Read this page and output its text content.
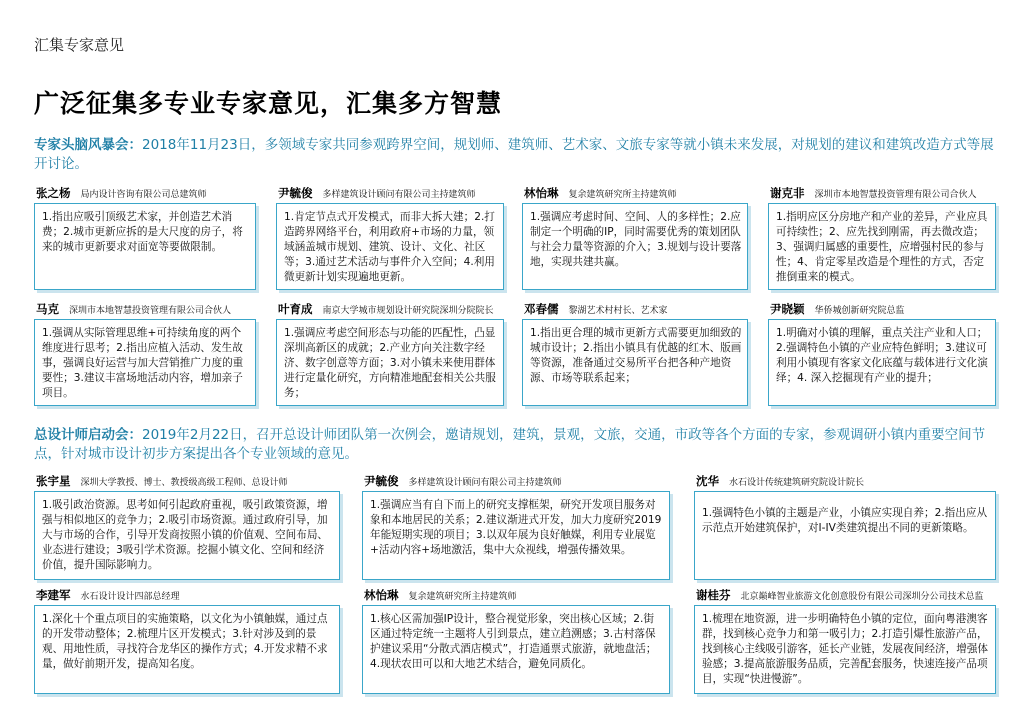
汇集专家意见
广泛征集多专业专家意见，汇集多方智慧
专家头脑风暴会：2018年11月23日，多领域专家共同参观跨界空间，规划师、建筑师、艺术家、文旅专家等就小镇未来发展，对规划的建议和建筑改造方式等展开讨论。
张之杨 局内设计咨询有限公司总建筑师
1.指出应吸引顶级艺术家，并创造艺术消费；2.城市更新应拆的是大尺度的房子，将来的城市更新要求对面宽等要做限制。
尹毓俊 多样建筑设计顾问有限公司主持建筑师
1.肯定节点式开发模式，而非大拆大建；2.打造跨界网络平台，利用政府+市场的力量，领域涵盖城市规划、建筑、设计、文化、社区等；3.通过艺术活动与事件介入空间；4.利用微更新计划实现遍地更新。
林怡琳 复余建筑研究所主持建筑师
1.强调应考虑时间、空间、人的多样性；2.应制定一个明确的IP，同时需要优秀的策划团队与社会力量等资源的介入；3.规划与设计要落地，实现共建共赢。
谢克非 深圳市本地智慧投资管理有限公司合伙人
1.指明应区分房地产和产业的差异，产业应具可持续性；2、应先找到刚需，再去微改造；3、强调归属感的重要性，应增强村民的参与性；4、肯定零星改造是个理性的方式，否定推倒重来的模式。
马克 深圳市本地智慧投资管理有限公司合伙人
1.强调从实际管理思维+可持续角度的两个维度进行思考；2.指出应植入活动、发生故事，强调良好运营与加大营销推广力度的重要性；3.建议丰富场地活动内容，增加亲子项目。
叶育成 南京大学城市规划设计研究院深圳分院院长
1.强调应考虑空间形态与功能的匹配性，凸显深圳高新区的成就；2.产业方向关注数字经济、数字创意等方面；3.对小镇未来使用群体进行定量化研究，方向精准地配套相关公共服务；
邓春儒 黎湖艺术村村长、艺术家
1.指出更合理的城市更新方式需要更加细致的城市设计；2.指出小镇具有优越的红木、版画等资源，准备通过交易所平台把各种产地资源、市场等联系起来；
尹晓颖 华侨城创新研究院总监
1.明确对小镇的理解，重点关注产业和人口；2.强调特色小镇的产业应特色鲜明；3.建议可利用小镇现有客家文化底蕴与载体进行文化演绎；4. 深入挖掘现有产业的提升；
总设计师启动会：2019年2月22日，召开总设计师团队第一次例会，邀请规划，建筑，景观，文旅，交通，市政等各个方面的专家，参观调研小镇内重要空间节点，针对城市设计初步方案提出各个专业领域的意见。
张宇星 深圳大学教授、博士、教授级高级工程师、总设计师
1.吸引政治资源。思考如何引起政府重视，吸引政策资源，增强与相似地区的竞争力；2.吸引市场资源。通过政府引导，加大与市场的合作，引导开发商按照小镇的价值观、空间布局、业态进行建设；3吸引学术资源。挖掘小镇文化、空间和经济价值，提升国际影响力。
尹毓俊 多样建筑设计顾问有限公司主持建筑师
1.强调应当有自下而上的研究支撑框架，研究开发项目服务对象和本地居民的关系；2.建议渐进式开发，加大力度研究2019年能短期实现的项目；3.以双年展为良好触媒，利用专业展览+活动内容+场地激活，集中大众视线，增强传播效果。
沈华 水石设计传统建筑研究院设计院长
1.强调特色小镇的主题是产业，小镇应实现自养；2.指出应从示范点开始建筑保护，对I-IV类建筑提出不同的更新策略。
李建军 水石设计设计四部总经理
1.深化十个重点项目的实施策略，以文化为小镇触媒，通过点的开发带动整体；2.梳理片区开发模式；3.针对涉及到的景观、用地性质，寻找符合龙华区的操作方式；4.开发求精不求量，做好前期开发，提高知名度。
林怡琳 复余建筑研究所主持建筑师
1.核心区需加强IP设计，整合视觉形象，突出核心区域；2.街区通过特定统一主题将人引到景点，建立趋溯感；3.古村落保护建议采用“分散式酒店模式”，打造通票式旅游，就地盘活；4.现状农田可以和大地艺术结合，避免同质化。
谢桂芬 北京巅峰智业旅游文化创意股份有限公司深圳分公司技术总监
1.梳理在地资源，进一步明确特色小镇的定位，面向粤港澳客群，找到核心竞争力和第一吸引力；2.打造引爆性旅游产品，找到核心主线吸引游客，延长产业链，发展夜间经济，增强体验感；3.提高旅游服务品质，完善配套服务，快速连接产品项目，实现“快进慢游”。
